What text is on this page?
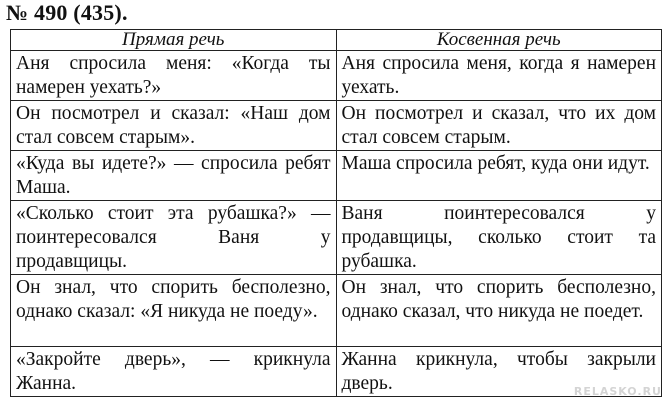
№ 490 (435).
Прямая речь	Косвенная речь

Аня спросила меня: «Когда ты намерен уехать?»	Аня спросила меня, когда я намерен уехать.

Он посмотрел и сказал: «Наш дом стал совсем старым».	Он посмотрел и сказал, что их дом стал совсем старым.

«Куда вы идете?» — спросила ребят Маша.	Маша спросила ребят, куда они идут.

«Сколько стоит эта рубашка?» — поинтересовался Ваня у продавщицы.	Ваня поинтересовался у продавщицы, сколько стоит та рубашка.

Он знал, что спорить бесполезно, однако сказал: «Я никуда не поеду».	Он знал, что спорить бесполезно, однако сказал, что никуда не поедет.

«Закройте дверь», — крикнула Жанна.	Жанна крикнула, чтобы закрыли дверь.	RELASKO.RU
